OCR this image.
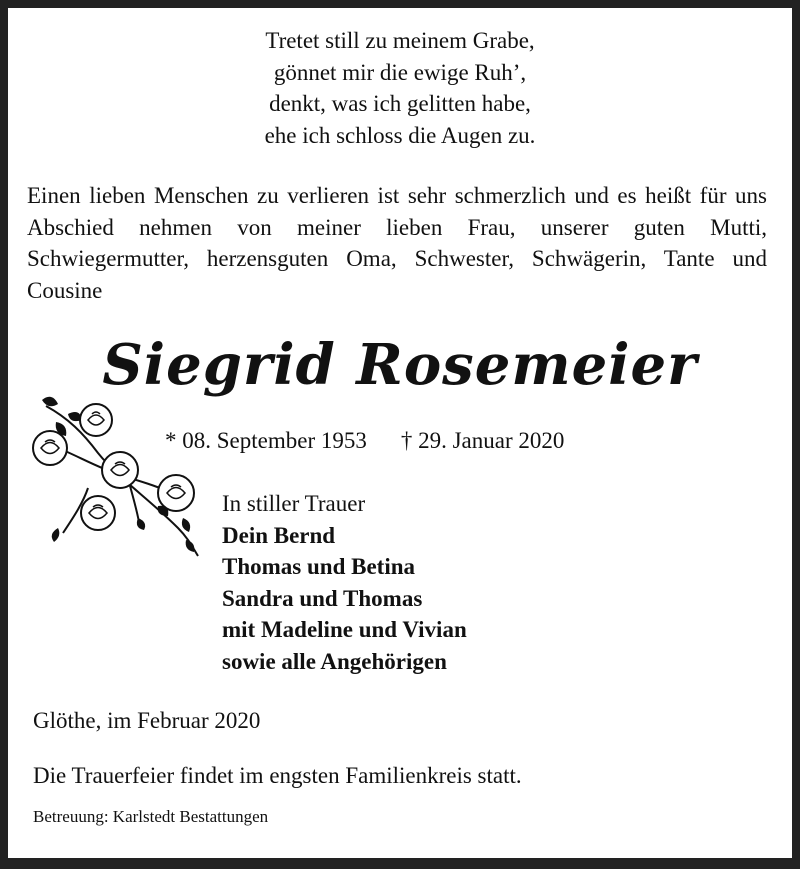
Tretet still zu meinem Grabe,
gönnet mir die ewige Ruh’,
denkt, was ich gelitten habe,
ehe ich schloss die Augen zu.
Einen lieben Menschen zu verlieren ist sehr schmerzlich und es heißt für uns Abschied nehmen von meiner lieben Frau, unserer guten Mutti, Schwiegermutter, herzensguten Oma, Schwester, Schwägerin, Tante und Cousine
Siegrid Rosemeier
* 08. September 1953 † 29. Januar 2020
In stiller Trauer
Dein Bernd
Thomas und Betina
Sandra und Thomas
mit Madeline und Vivian
sowie alle Angehörigen
Glöthe, im Februar 2020
Die Trauerfeier findet im engsten Familienkreis statt.
Betreuung: Karlstedt Bestattungen
